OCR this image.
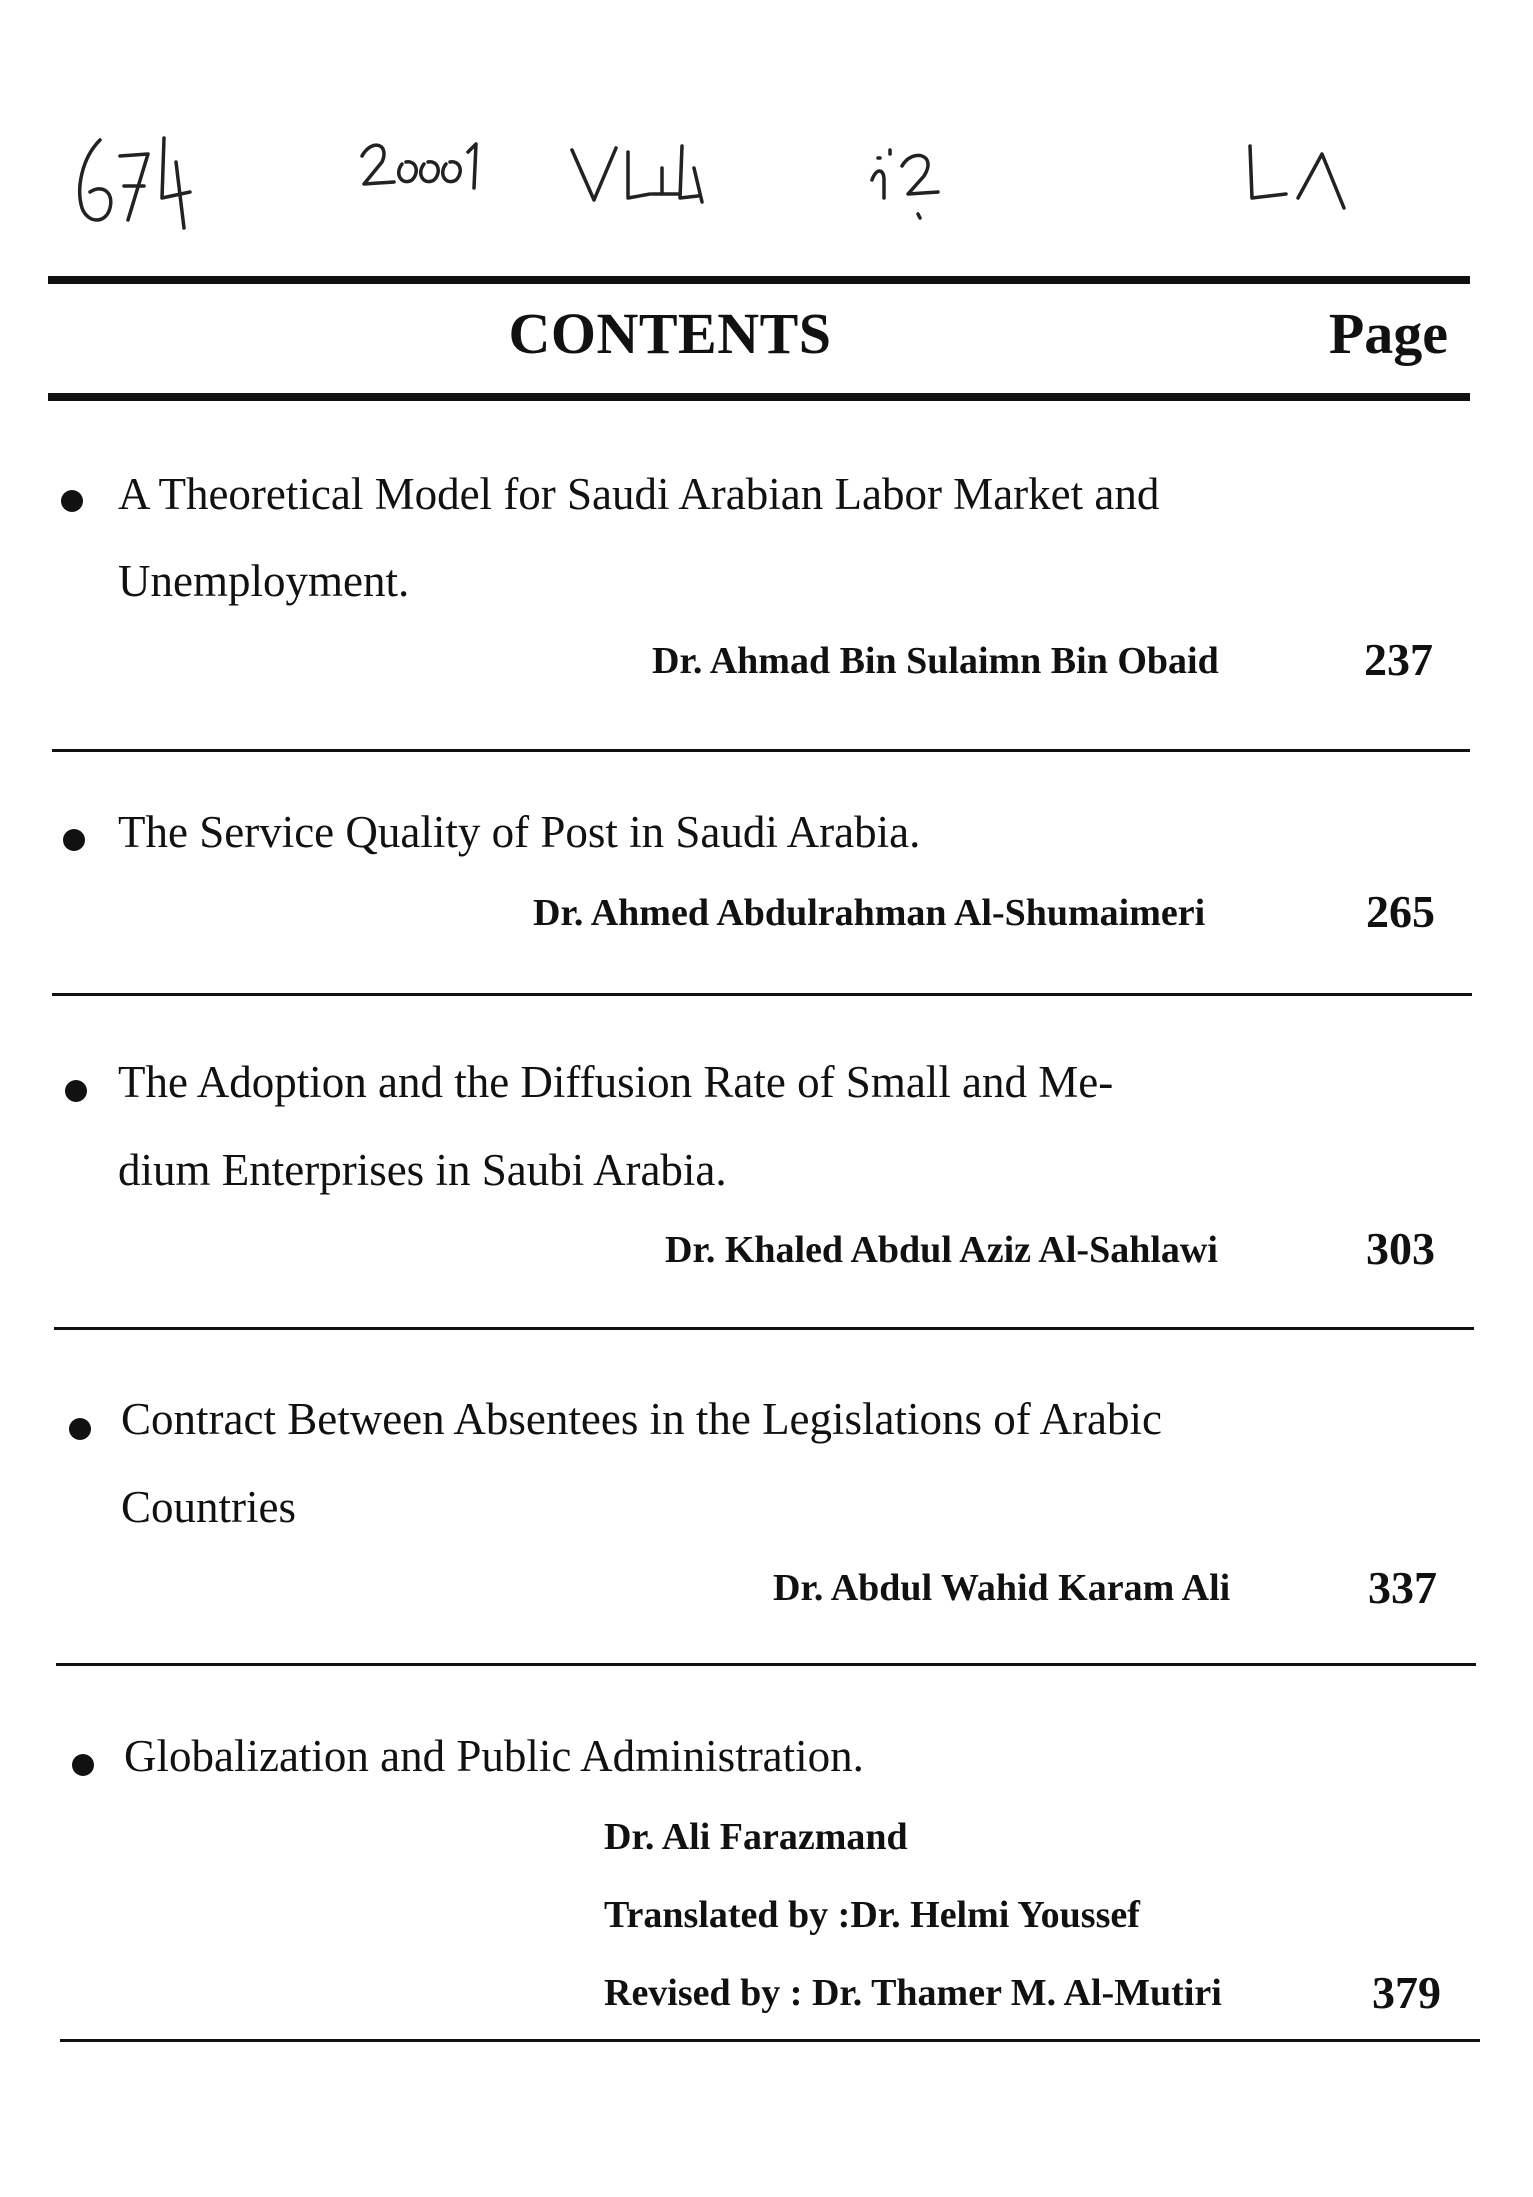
CONTENTS	Page
A Theoretical Model for Saudi Arabian Labor Market and
Unemployment.
Dr. Ahmad Bin Sulaimn Bin Obaid	237
The Service Quality of Post in Saudi Arabia.
Dr. Ahmed Abdulrahman Al-Shumaimeri	265
The Adoption and the Diffusion Rate of Small and Me-
dium Enterprises in Saubi Arabia.
Dr. Khaled Abdul Aziz Al-Sahlawi	303
Contract Between Absentees in the Legislations of Arabic
Countries
Dr. Abdul Wahid Karam Ali	337
Globalization and Public Administration.
Dr. Ali Farazmand
Translated by :Dr. Helmi Youssef
Revised by : Dr. Thamer M. Al-Mutiri	379
